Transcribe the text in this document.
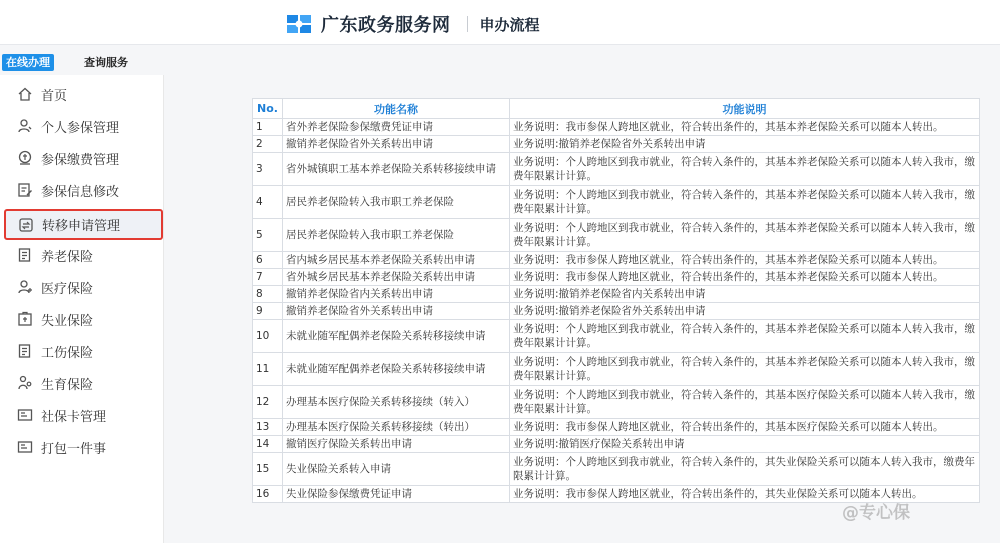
广东政务服务网 申办流程
在线办理	查询服务
首页
个人参保管理
参保缴费管理
参保信息修改
转移申请管理
养老保险
医疗保险
失业保险
工伤保险
生育保险
社保卡管理
打包一件事
No.	功能名称	功能说明
1	省外养老保险参保缴费凭证申请	业务说明：我市参保人跨地区就业，符合转出条件的，其基本养老保险关系可以随本人转出。
2	撤销养老保险省外关系转出申请	业务说明:撤销养老保险省外关系转出申请
3	省外城镇职工基本养老保险关系转移接续申请	业务说明：个人跨地区到我市就业，符合转入条件的，其基本养老保险关系可以随本人转入我市，缴费年限累计计算。
4	居民养老保险转入我市职工养老保险	业务说明：个人跨地区到我市就业，符合转入条件的，其基本养老保险关系可以随本人转入我市，缴费年限累计计算。
5	居民养老保险转入我市职工养老保险	业务说明：个人跨地区到我市就业，符合转入条件的，其基本养老保险关系可以随本人转入我市，缴费年限累计计算。
6	省内城乡居民基本养老保险关系转出申请	业务说明：我市参保人跨地区就业，符合转出条件的，其基本养老保险关系可以随本人转出。
7	省外城乡居民基本养老保险关系转出申请	业务说明：我市参保人跨地区就业，符合转出条件的，其基本养老保险关系可以随本人转出。
8	撤销养老保险省内关系转出申请	业务说明:撤销养老保险省内关系转出申请
9	撤销养老保险省外关系转出申请	业务说明:撤销养老保险省外关系转出申请
10	未就业随军配偶养老保险关系转移接续申请	业务说明：个人跨地区到我市就业，符合转入条件的，其基本养老保险关系可以随本人转入我市，缴费年限累计计算。
11	未就业随军配偶养老保险关系转移接续申请	业务说明：个人跨地区到我市就业，符合转入条件的，其基本养老保险关系可以随本人转入我市，缴费年限累计计算。
12	办理基本医疗保险关系转移接续（转入）	业务说明：个人跨地区到我市就业，符合转入条件的，其基本医疗保险关系可以随本人转入我市，缴费年限累计计算。
13	办理基本医疗保险关系转移接续（转出）	业务说明：我市参保人跨地区就业，符合转出条件的，其基本医疗保险关系可以随本人转出。
14	撤销医疗保险关系转出申请	业务说明:撤销医疗保险关系转出申请
15	失业保险关系转入申请	业务说明：个人跨地区到我市就业，符合转入条件的，其失业保险关系可以随本人转入我市，缴费年限累计计算。
16	失业保险参保缴费凭证申请	业务说明：我市参保人跨地区就业，符合转出条件的，其失业保险关系可以随本人转出。
@专心保
